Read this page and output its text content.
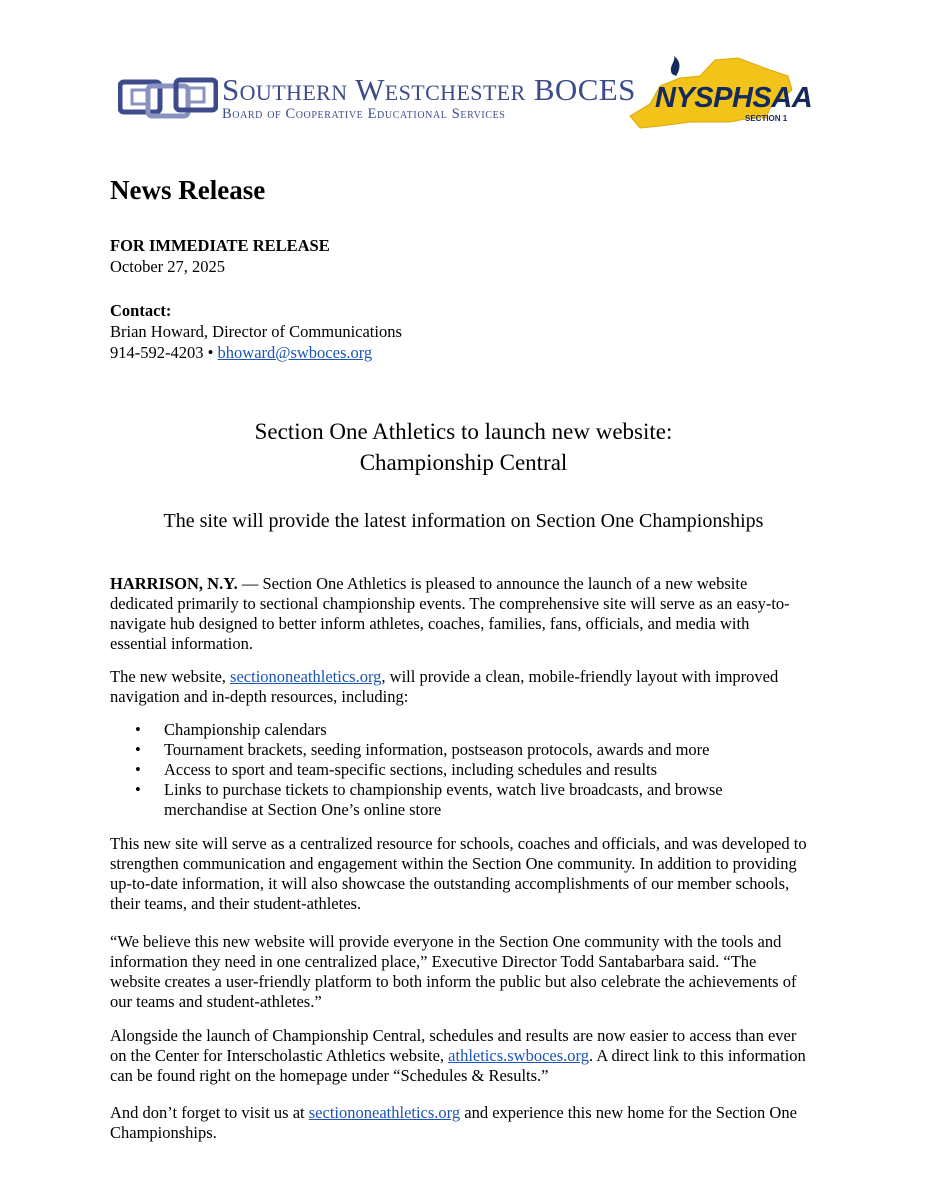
Southern Westchester BOCES
Board of Cooperative Educational Services	NYSPHSAA
SECTION 1
News Release
FOR IMMEDIATE RELEASE
October 27, 2025
Contact:
Brian Howard, Director of Communications
914-592-4203 • bhoward@swboces.org
Section One Athletics to launch new website:
Championship Central
The site will provide the latest information on Section One Championships

HARRISON, N.Y. — Section One Athletics is pleased to announce the launch of a new website dedicated primarily to sectional championship events. The comprehensive site will serve as an easy-to-navigate hub designed to better inform athletes, coaches, families, fans, officials, and media with essential information.

The new website, sectiononeathletics.org, will provide a clean, mobile-friendly layout with improved navigation and in-depth resources, including:

• Championship calendars
• Tournament brackets, seeding information, postseason protocols, awards and more
• Access to sport and team-specific sections, including schedules and results
• Links to purchase tickets to championship events, watch live broadcasts, and browse merchandise at Section One’s online store

This new site will serve as a centralized resource for schools, coaches and officials, and was developed to strengthen communication and engagement within the Section One community. In addition to providing up-to-date information, it will also showcase the outstanding accomplishments of our member schools, their teams, and their student-athletes.

“We believe this new website will provide everyone in the Section One community with the tools and information they need in one centralized place,” Executive Director Todd Santabarbara said. “The website creates a user-friendly platform to both inform the public but also celebrate the achievements of our teams and student-athletes.”

Alongside the launch of Championship Central, schedules and results are now easier to access than ever on the Center for Interscholastic Athletics website, athletics.swboces.org. A direct link to this information can be found right on the homepage under “Schedules & Results.”

And don’t forget to visit us at sectiononeathletics.org and experience this new home for the Section One Championships.
